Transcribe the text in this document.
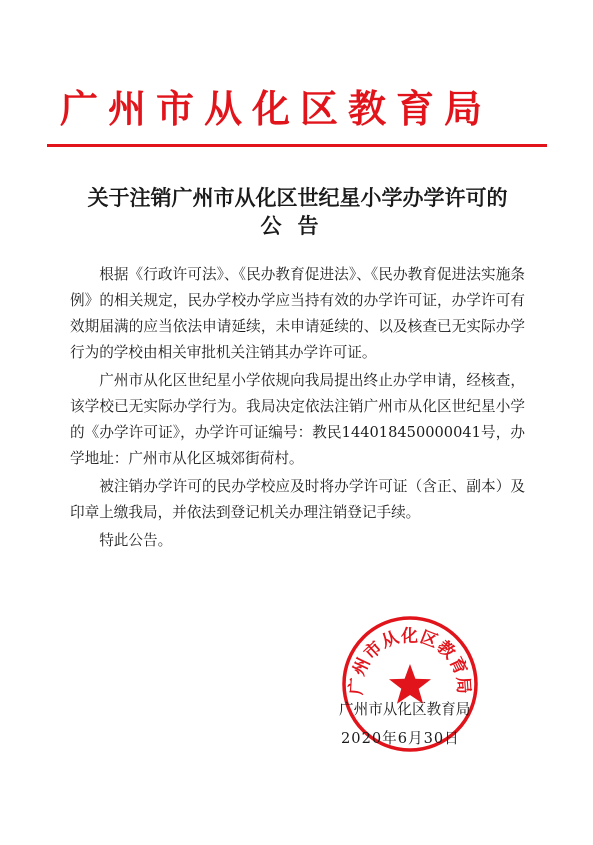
广州市从化区教育局
关于注销广州市从化区世纪星小学办学许可的
公告

根据《行政许可法》、《民办教育促进法》、《民办教育促进法实施条例》的相关规定，民办学校办学应当持有效的办学许可证，办学许可有效期届满的应当依法申请延续，未申请延续的、以及核查已无实际办学行为的学校由相关审批机关注销其办学许可证。

广州市从化区世纪星小学依规向我局提出终止办学申请，经核查，该学校已无实际办学行为。我局决定依法注销广州市从化区世纪星小学的《办学许可证》，办学许可证编号：教民144018450000041号，办学地址：广州市从化区城郊街荷村。

被注销办学许可的民办学校应及时将办学许可证（含正、副本）及印章上缴我局，并依法到登记机关办理注销登记手续。

特此公告。

广州市从化区教育局
广州市从化区教育局
2020年6月30日
